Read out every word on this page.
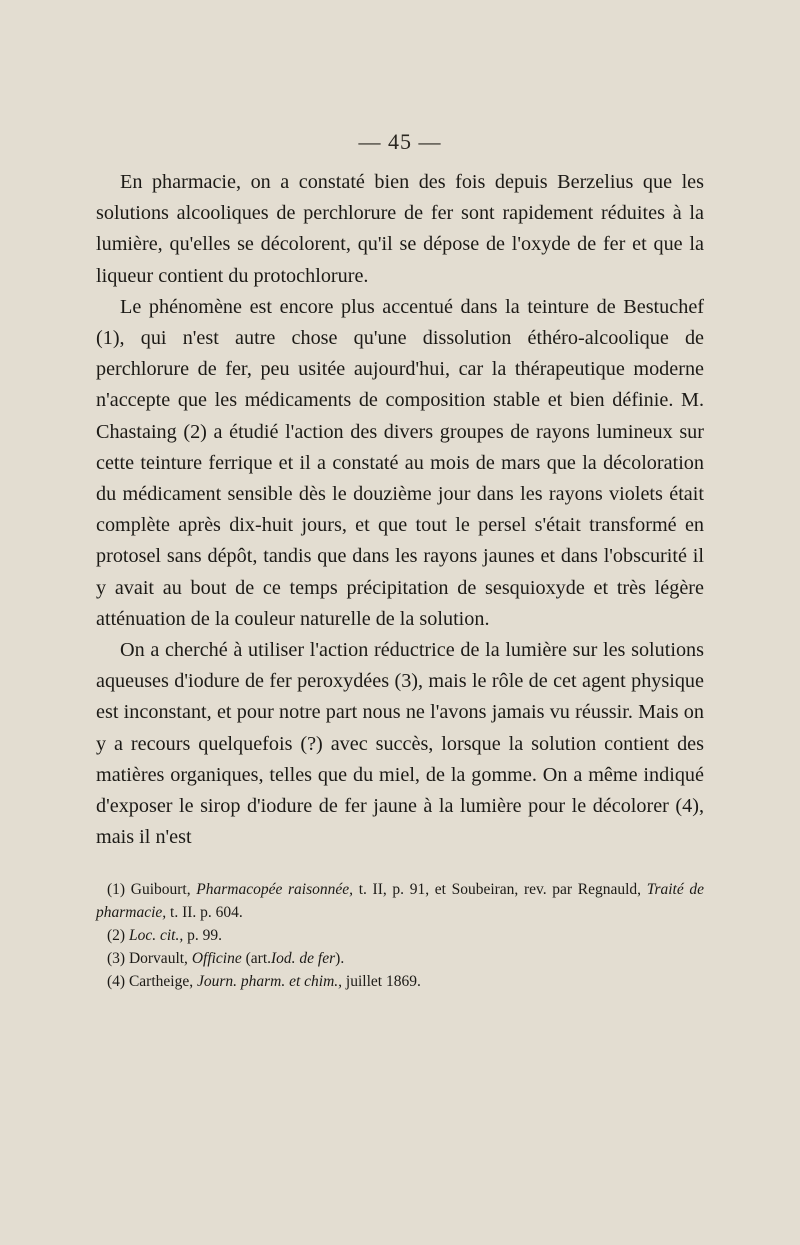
— 45 —

En pharmacie, on a constaté bien des fois depuis Berzelius que les solutions alcooliques de perchlorure de fer sont rapidement réduites à la lumière, qu'elles se décolorent, qu'il se dépose de l'oxyde de fer et que la liqueur contient du protochlorure.

Le phénomène est encore plus accentué dans la teinture de Bestuchef (1), qui n'est autre chose qu'une dissolution éthéro-alcoolique de perchlorure de fer, peu usitée aujourd'hui, car la thérapeutique moderne n'accepte que les médicaments de composition stable et bien définie. M. Chastaing (2) a étudié l'action des divers groupes de rayons lumineux sur cette teinture ferrique et il a constaté au mois de mars que la décoloration du médicament sensible dès le douzième jour dans les rayons violets était complète après dix-huit jours, et que tout le persel s'était transformé en protosel sans dépôt, tandis que dans les rayons jaunes et dans l'obscurité il y avait au bout de ce temps précipitation de sesquioxyde et très légère atténuation de la couleur naturelle de la solution.

On a cherché à utiliser l'action réductrice de la lumière sur les solutions aqueuses d'iodure de fer peroxydées (3), mais le rôle de cet agent physique est inconstant, et pour notre part nous ne l'avons jamais vu réussir. Mais on y a recours quelquefois (?) avec succès, lorsque la solution contient des matières organiques, telles que du miel, de la gomme. On a même indiqué d'exposer le sirop d'iodure de fer jaune à la lumière pour le décolorer (4), mais il n'est

(1) Guibourt, Pharmacopée raisonnée, t. II, p. 91, et Soubeiran, rev. par Regnauld, Traité de pharmacie, t. II. p. 604.

(2) Loc. cit., p. 99.

(3) Dorvault, Officine (art.Iod. de fer).

(4) Cartheige, Journ. pharm. et chim., juillet 1869.
